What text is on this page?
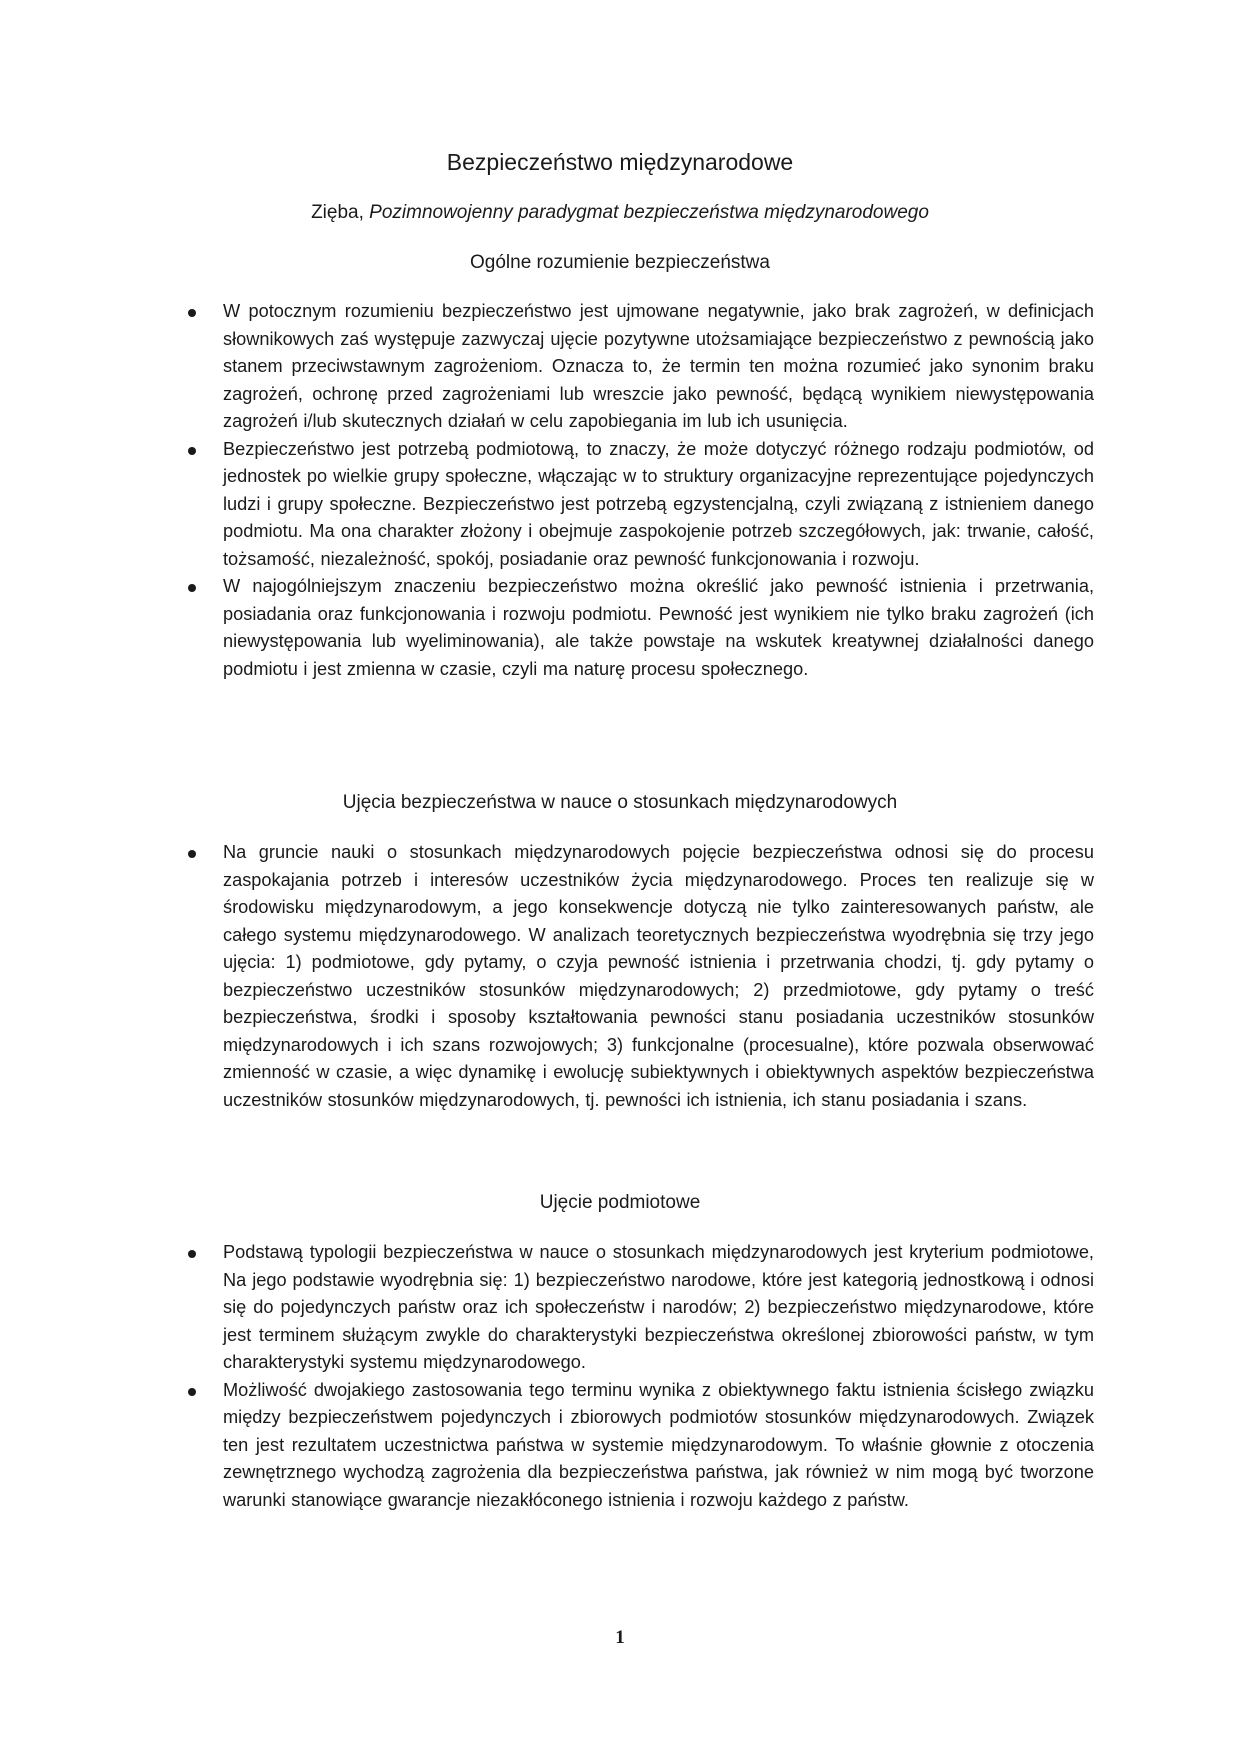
Bezpieczeństwo międzynarodowe
Zięba, Pozimnowojenny paradygmat bezpieczeństwa międzynarodowego
Ogólne rozumienie bezpieczeństwa
W potocznym rozumieniu bezpieczeństwo jest ujmowane negatywnie, jako brak zagrożeń, w definicjach słownikowych zaś występuje zazwyczaj ujęcie pozytywne utożsamiające bezpieczeństwo z pewnością jako stanem przeciwstawnym zagrożeniom. Oznacza to, że termin ten można rozumieć jako synonim braku zagrożeń, ochronę przed zagrożeniami lub wreszcie jako pewność, będącą wynikiem niewystępowania zagrożeń i/lub skutecznych działań w celu zapobiegania im lub ich usunięcia.
Bezpieczeństwo jest potrzebą podmiotową, to znaczy, że może dotyczyć różnego rodzaju podmiotów, od jednostek po wielkie grupy społeczne, włączając w to struktury organizacyjne reprezentujące pojedynczych ludzi i grupy społeczne. Bezpieczeństwo jest potrzebą egzystencjalną, czyli związaną z istnieniem danego podmiotu. Ma ona charakter złożony i obejmuje zaspokojenie potrzeb szczegółowych, jak: trwanie, całość, tożsamość, niezależność, spokój, posiadanie oraz pewność funkcjonowania i rozwoju.
W najogólniejszym znaczeniu bezpieczeństwo można określić jako pewność istnienia i przetrwania, posiadania oraz funkcjonowania i rozwoju podmiotu. Pewność jest wynikiem nie tylko braku zagrożeń (ich niewystępowania lub wyeliminowania), ale także powstaje na wskutek kreatywnej działalności danego podmiotu i jest zmienna w czasie, czyli ma naturę procesu społecznego.
Ujęcia bezpieczeństwa w nauce o stosunkach międzynarodowych
Na gruncie nauki o stosunkach międzynarodowych pojęcie bezpieczeństwa odnosi się do procesu zaspokajania potrzeb i interesów uczestników życia międzynarodowego. Proces ten realizuje się w środowisku międzynarodowym, a jego konsekwencje dotyczą nie tylko zainteresowanych państw, ale całego systemu międzynarodowego. W analizach teoretycznych bezpieczeństwa wyodrębnia się trzy jego ujęcia: 1) podmiotowe, gdy pytamy, o czyja pewność istnienia i przetrwania chodzi, tj. gdy pytamy o bezpieczeństwo uczestników stosunków międzynarodowych; 2) przedmiotowe, gdy pytamy o treść bezpieczeństwa, środki i sposoby kształtowania pewności stanu posiadania uczestników stosunków międzynarodowych i ich szans rozwojowych; 3) funkcjonalne (procesualne), które pozwala obserwować zmienność w czasie, a więc dynamikę i ewolucję subiektywnych i obiektywnych aspektów bezpieczeństwa uczestników stosunków międzynarodowych, tj. pewności ich istnienia, ich stanu posiadania i szans.
Ujęcie podmiotowe
Podstawą typologii bezpieczeństwa w nauce o stosunkach międzynarodowych jest kryterium podmiotowe, Na jego podstawie wyodrębnia się: 1) bezpieczeństwo narodowe, które jest kategorią jednostkową i odnosi się do pojedynczych państw oraz ich społeczeństw i narodów; 2) bezpieczeństwo międzynarodowe, które jest terminem służącym zwykle do charakterystyki bezpieczeństwa określonej zbiorowości państw, w tym charakterystyki systemu międzynarodowego.
Możliwość dwojakiego zastosowania tego terminu wynika z obiektywnego faktu istnienia ścisłego związku między bezpieczeństwem pojedynczych i zbiorowych podmiotów stosunków międzynarodowych. Związek ten jest rezultatem uczestnictwa państwa w systemie międzynarodowym. To właśnie głownie z otoczenia zewnętrznego wychodzą zagrożenia dla bezpieczeństwa państwa, jak również w nim mogą być tworzone warunki stanowiące gwarancje niezakłóconego istnienia i rozwoju każdego z państw.
1
